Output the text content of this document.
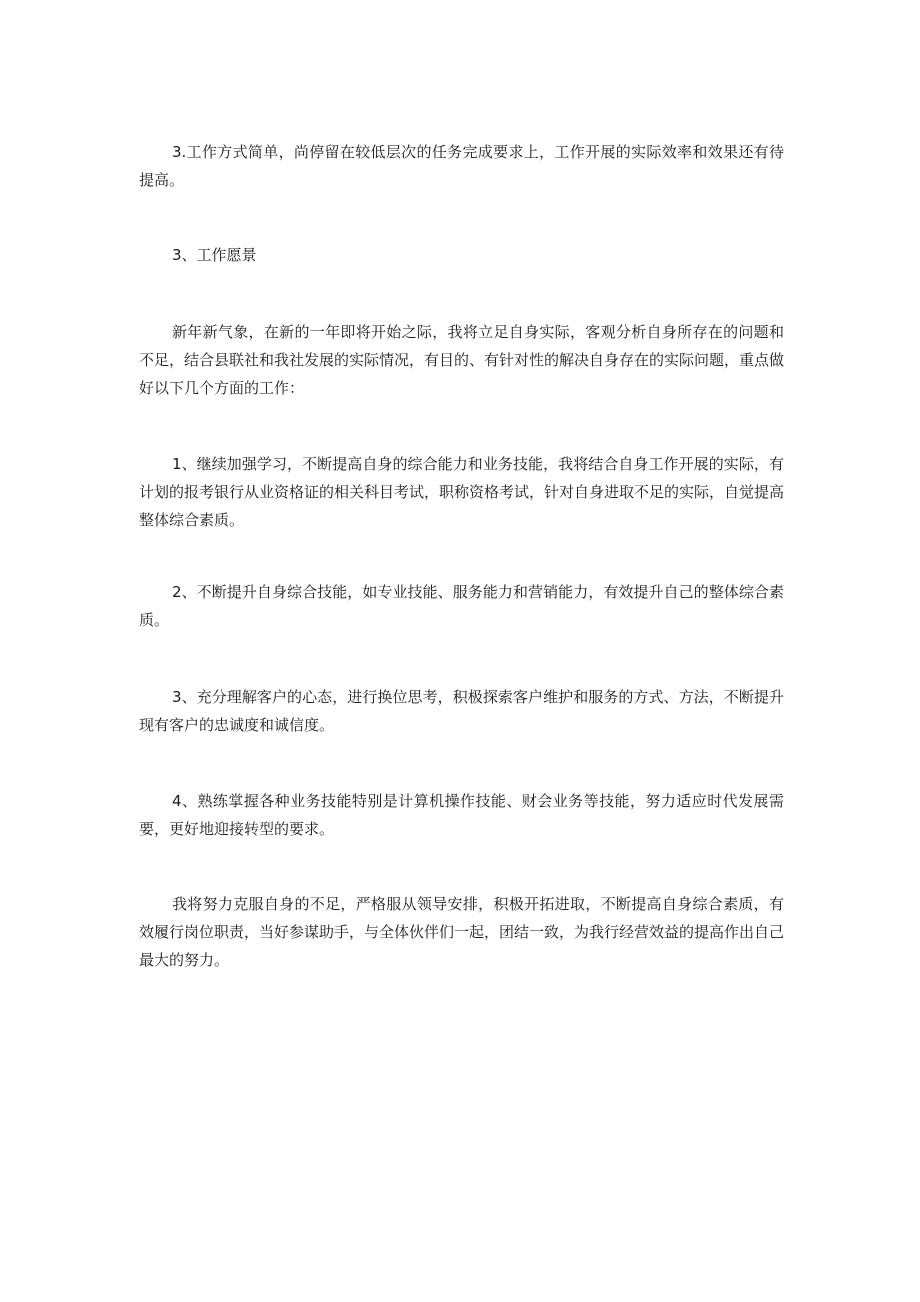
3.工作方式简单，尚停留在较低层次的任务完成要求上，工作开展的实际效率和效果还有待提高。

3、工作愿景

新年新气象，在新的一年即将开始之际，我将立足自身实际，客观分析自身所存在的问题和不足，结合县联社和我社发展的实际情况，有目的、有针对性的解决自身存在的实际问题，重点做好以下几个方面的工作：

1、继续加强学习，不断提高自身的综合能力和业务技能，我将结合自身工作开展的实际，有计划的报考银行从业资格证的相关科目考试，职称资格考试，针对自身进取不足的实际，自觉提高整体综合素质。

2、不断提升自身综合技能，如专业技能、服务能力和营销能力，有效提升自己的整体综合素质。

3、充分理解客户的心态，进行换位思考，积极探索客户维护和服务的方式、方法，不断提升现有客户的忠诚度和诚信度。

4、熟练掌握各种业务技能特别是计算机操作技能、财会业务等技能，努力适应时代发展需要，更好地迎接转型的要求。

我将努力克服自身的不足，严格服从领导安排，积极开拓进取，不断提高自身综合素质，有效履行岗位职责，当好参谋助手，与全体伙伴们一起，团结一致，为我行经营效益的提高作出自己最大的努力。
